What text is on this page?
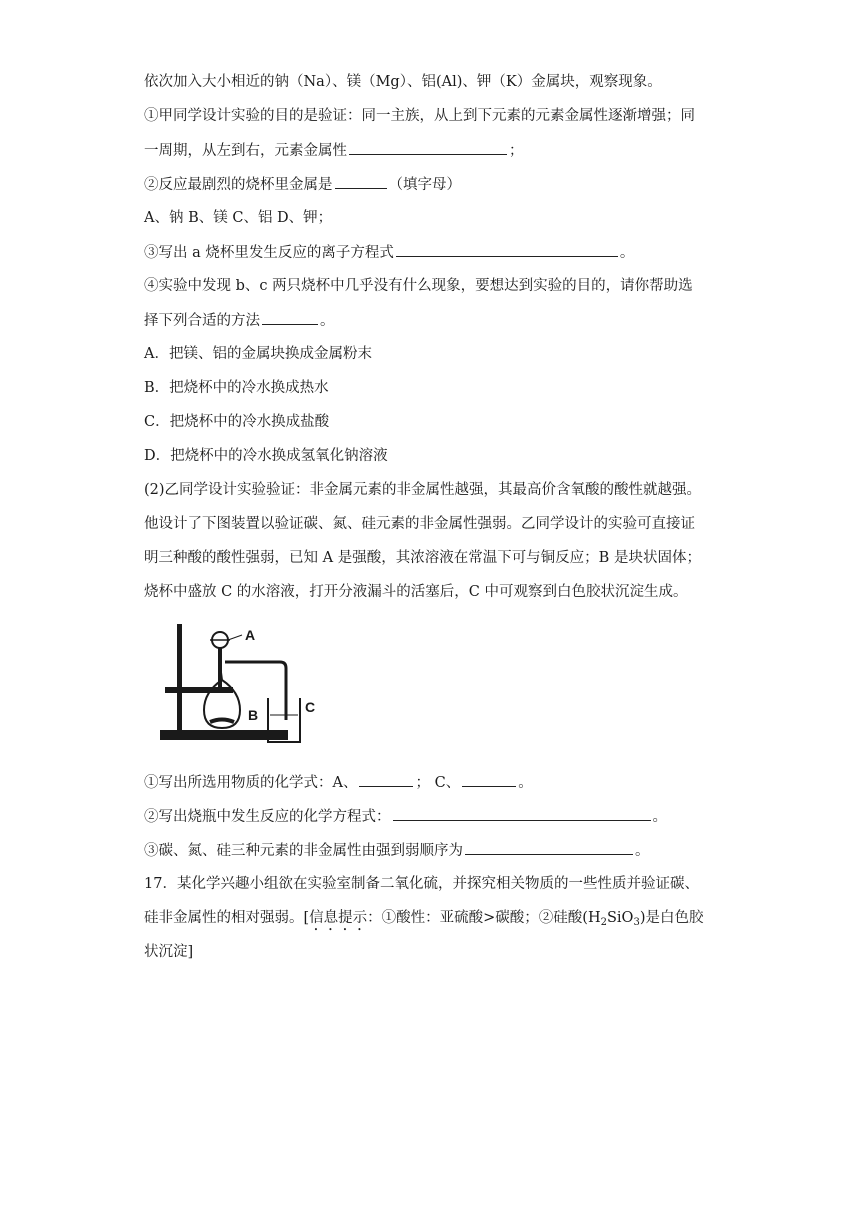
依次加入大小相近的钠（Na）、镁（Mg）、铝(Al)、钾（K）金属块，观察现象。
①甲同学设计实验的目的是验证：同一主族，从上到下元素的元素金属性逐渐增强；同
一周期，从左到右，元素金属性	；
②反应最剧烈的烧杯里金属是	（填字母）
A、钠 B、镁 C、铝 D、钾；
③写出 a 烧杯里发生反应的离子方程式	。
④实验中发现 b、c 两只烧杯中几乎没有什么现象，要想达到实验的目的，请你帮助选
择下列合适的方法	。
A．把镁、铝的金属块换成金属粉末
B．把烧杯中的冷水换成热水
C．把烧杯中的冷水换成盐酸
D．把烧杯中的冷水换成氢氧化钠溶液
(2)乙同学设计实验验证：非金属元素的非金属性越强，其最高价含氧酸的酸性就越强。
他设计了下图装置以验证碳、氮、硅元素的非金属性强弱。乙同学设计的实验可直接证
明三种酸的酸性强弱，已知 A 是强酸，其浓溶液在常温下可与铜反应；B 是块状固体；
烧杯中盛放 C 的水溶液，打开分液漏斗的活塞后，C 中可观察到白色胶状沉淀生成。
A
B	C
①写出所选用物质的化学式：A、	； C、	。
②写出烧瓶中发生反应的化学方程式：	。
③碳、氮、硅三种元素的非金属性由强到弱顺序为	。
17．某化学兴趣小组欲在实验室制备二氧化硫，并探究相关物质的一些性质并验证碳、
硅非金属性的相对强弱。[信息提示：①酸性：亚硫酸>碳酸；②硅酸$(H_2SiO_3)$是白色胶
状沉淀]
